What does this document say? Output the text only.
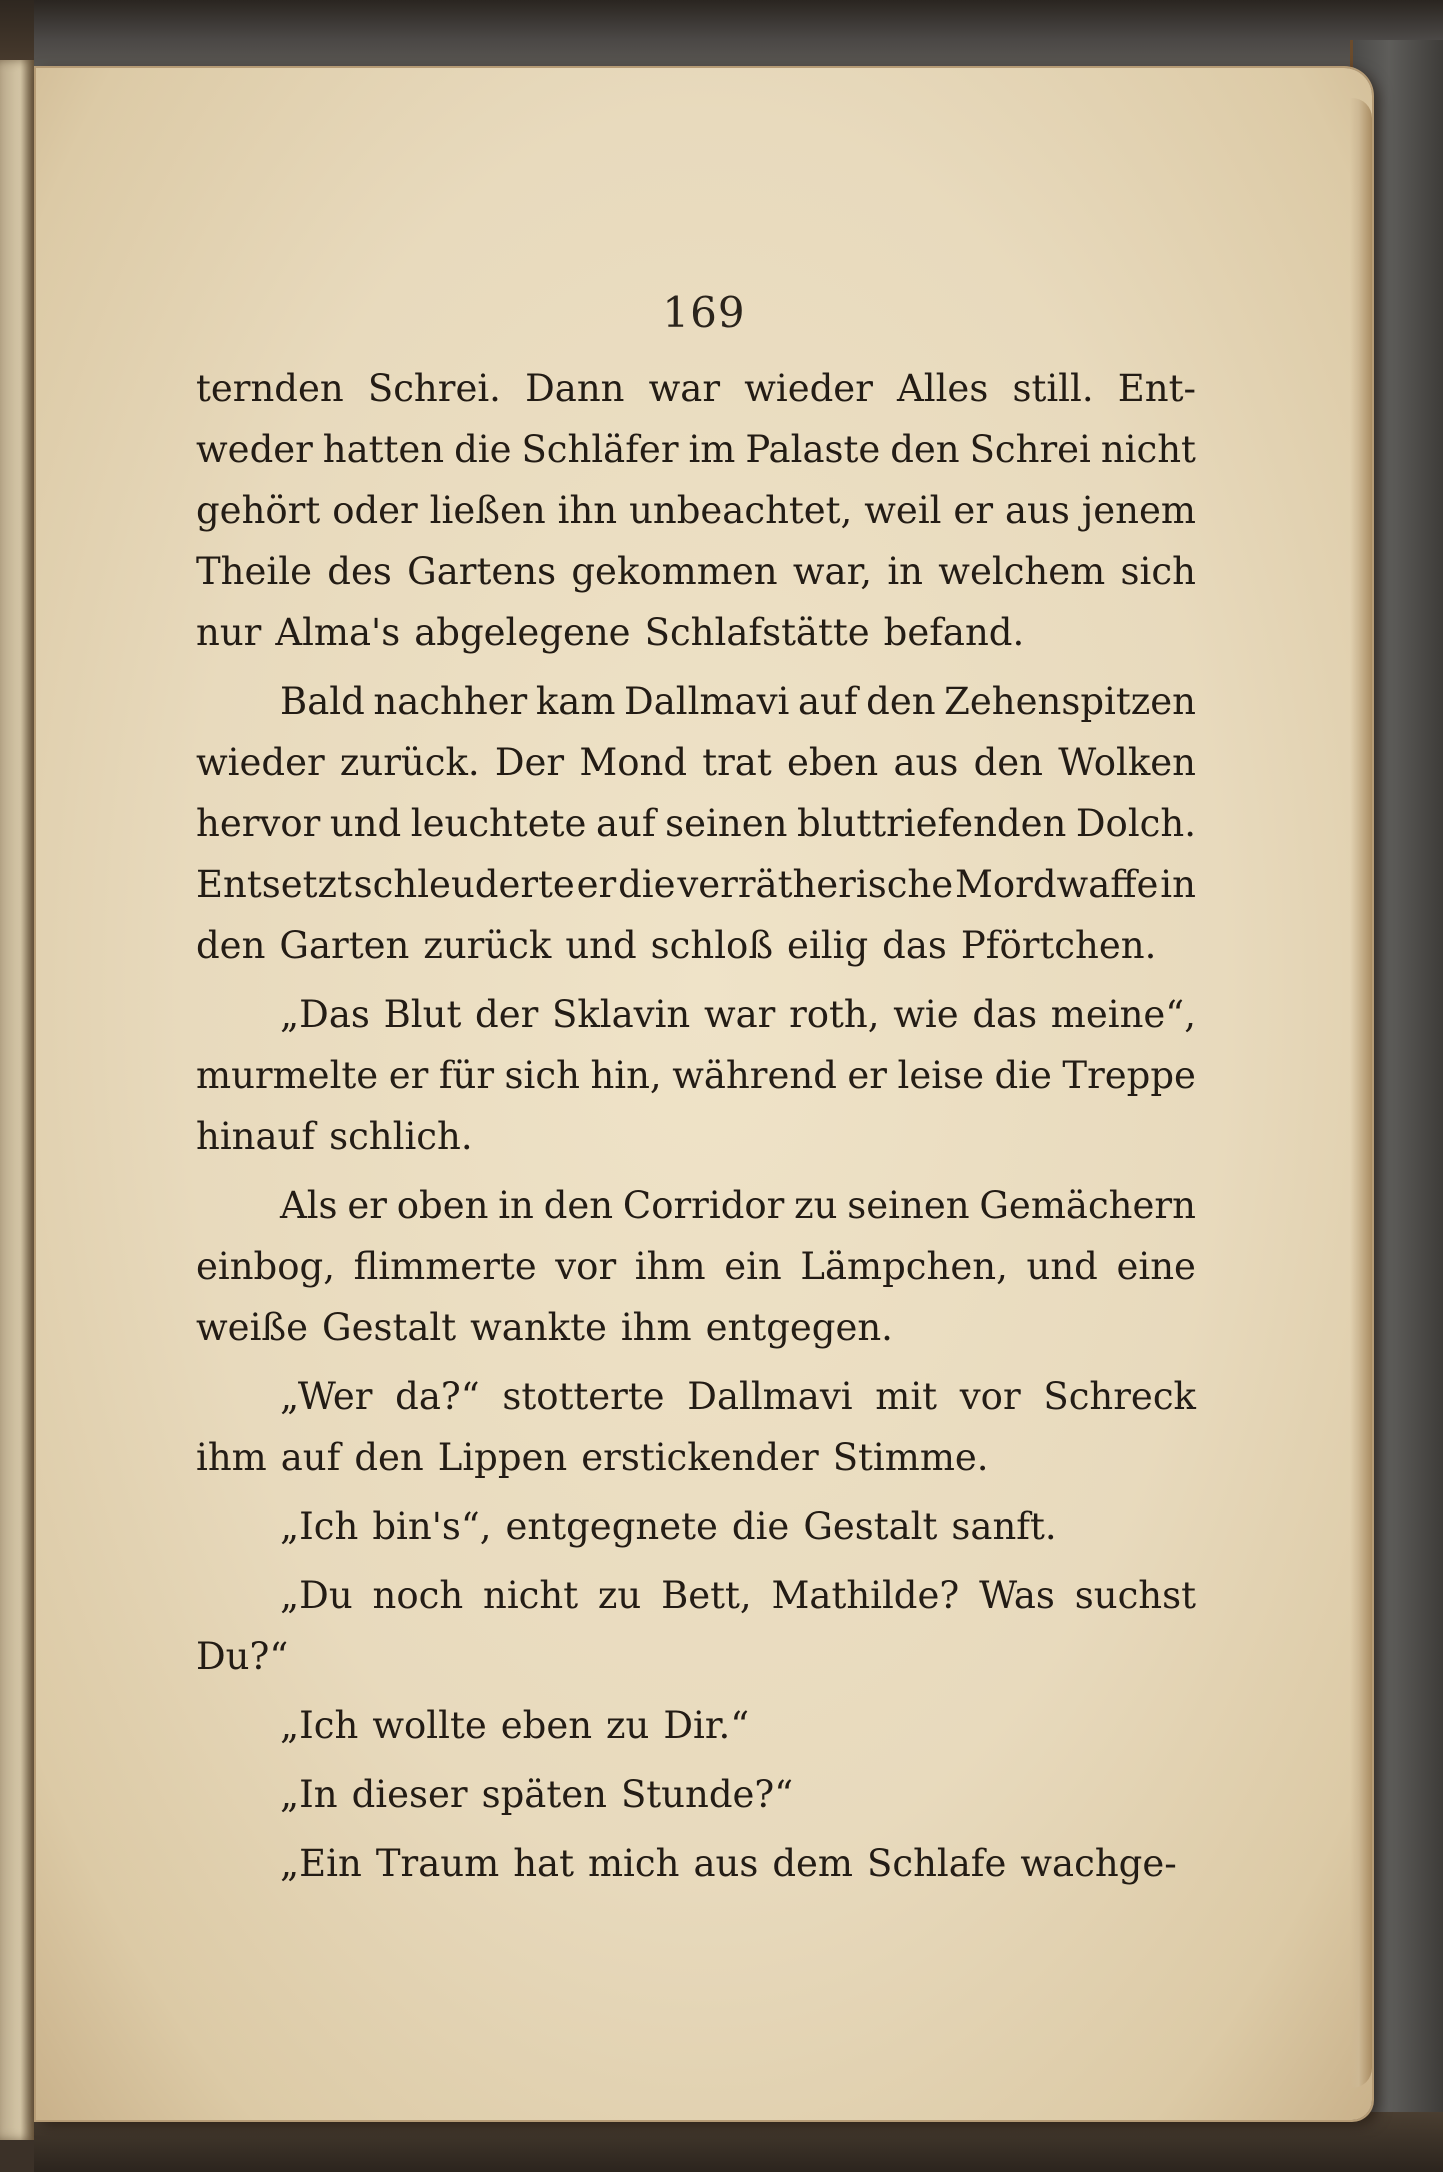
169
ternden Schrei. Dann war wieder Alles still. Ent-
weder hatten die Schläfer im Palaste den Schrei nicht
gehört oder ließen ihn unbeachtet, weil er aus jenem
Theile des Gartens gekommen war, in welchem sich
nur Alma's abgelegene Schlafstätte befand.
Bald nachher kam Dallmavi auf den Zehenspitzen
wieder zurück. Der Mond trat eben aus den Wolken
hervor und leuchtete auf seinen bluttriefenden Dolch.
Entsetzt schleuderte er die verrätherische Mordwaffe in
den Garten zurück und schloß eilig das Pförtchen.
„Das Blut der Sklavin war roth, wie das meine“,
murmelte er für sich hin, während er leise die Treppe
hinauf schlich.
Als er oben in den Corridor zu seinen Gemächern
einbog, flimmerte vor ihm ein Lämpchen, und eine
weiße Gestalt wankte ihm entgegen.
„Wer da?“ stotterte Dallmavi mit vor Schreck
ihm auf den Lippen erstickender Stimme.
„Ich bin's“, entgegnete die Gestalt sanft.
„Du noch nicht zu Bett, Mathilde? Was suchst
Du?“
„Ich wollte eben zu Dir.“
„In dieser späten Stunde?“
„Ein Traum hat mich aus dem Schlafe wachge-
